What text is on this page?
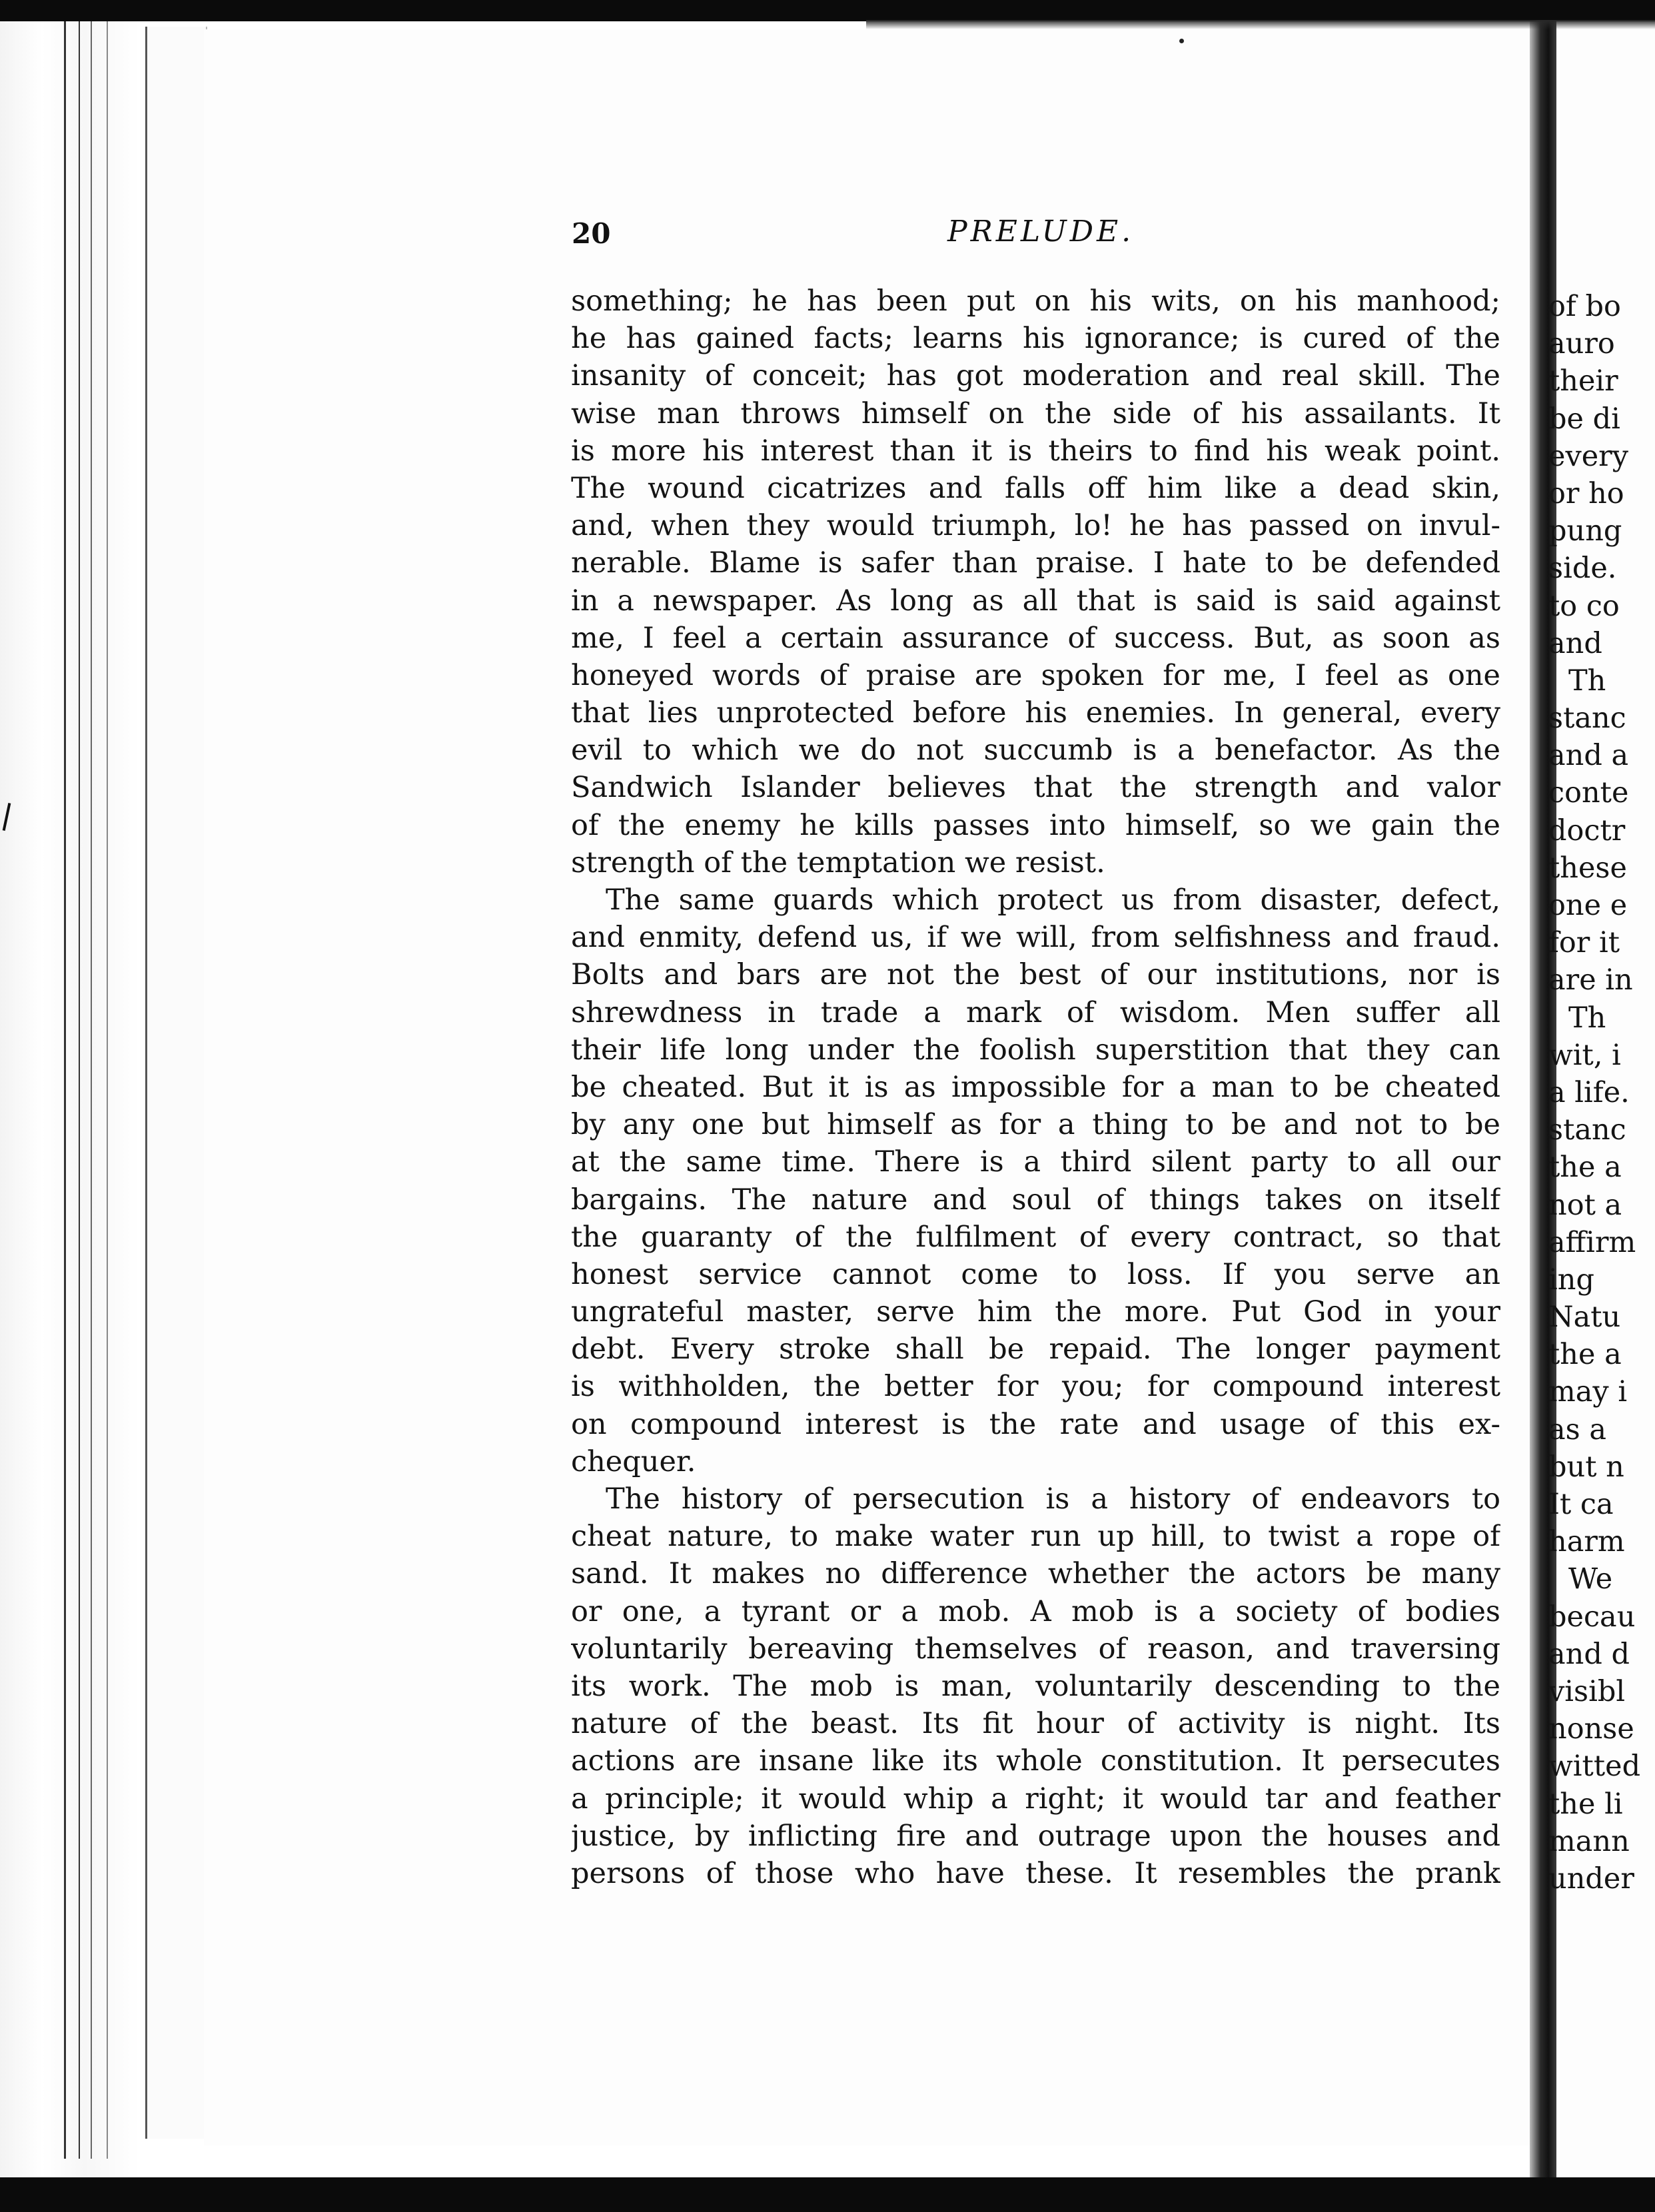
20	PRELUDE.
something; he has been put on his wits, on his manhood;
he has gained facts; learns his ignorance; is cured of the
insanity of conceit; has got moderation and real skill. The
wise man throws himself on the side of his assailants. It
is more his interest than it is theirs to find his weak point.
The wound cicatrizes and falls off him like a dead skin,
and, when they would triumph, lo! he has passed on invul-
nerable. Blame is safer than praise. I hate to be defended
in a newspaper. As long as all that is said is said against
me, I feel a certain assurance of success. But, as soon as
honeyed words of praise are spoken for me, I feel as one
that lies unprotected before his enemies. In general, every
evil to which we do not succumb is a benefactor. As the
Sandwich Islander believes that the strength and valor
of the enemy he kills passes into himself, so we gain the
strength of the temptation we resist.
The same guards which protect us from disaster, defect,
and enmity, defend us, if we will, from selfishness and fraud.
Bolts and bars are not the best of our institutions, nor is
shrewdness in trade a mark of wisdom. Men suffer all
their life long under the foolish superstition that they can
be cheated. But it is as impossible for a man to be cheated
by any one but himself as for a thing to be and not to be
at the same time. There is a third silent party to all our
bargains. The nature and soul of things takes on itself
the guaranty of the fulfilment of every contract, so that
honest service cannot come to loss. If you serve an
ungrateful master, serve him the more. Put God in your
debt. Every stroke shall be repaid. The longer payment
is withholden, the better for you; for compound interest
on compound interest is the rate and usage of this ex-
chequer.
The history of persecution is a history of endeavors to
cheat nature, to make water run up hill, to twist a rope of
sand. It makes no difference whether the actors be many
or one, a tyrant or a mob. A mob is a society of bodies
voluntarily bereaving themselves of reason, and traversing
its work. The mob is man, voluntarily descending to the
nature of the beast. Its fit hour of activity is night. Its
actions are insane like its whole constitution. It persecutes
a principle; it would whip a right; it would tar and feather
justice, by inflicting fire and outrage upon the houses and
persons of those who have these. It resembles the prank
of bo
auro
their
be di
every
or ho
pung
side.
to co
and
Th
stanc
and a
conte
doctr
these
one e
for it
are in
Th
wit, i
a life.
stanc
the a
not a
affirm
ing
Natu
the a
may i
as a
but n
It ca
harm
We
becau
and d
visibl
nonse
witted
the li
mann
under
